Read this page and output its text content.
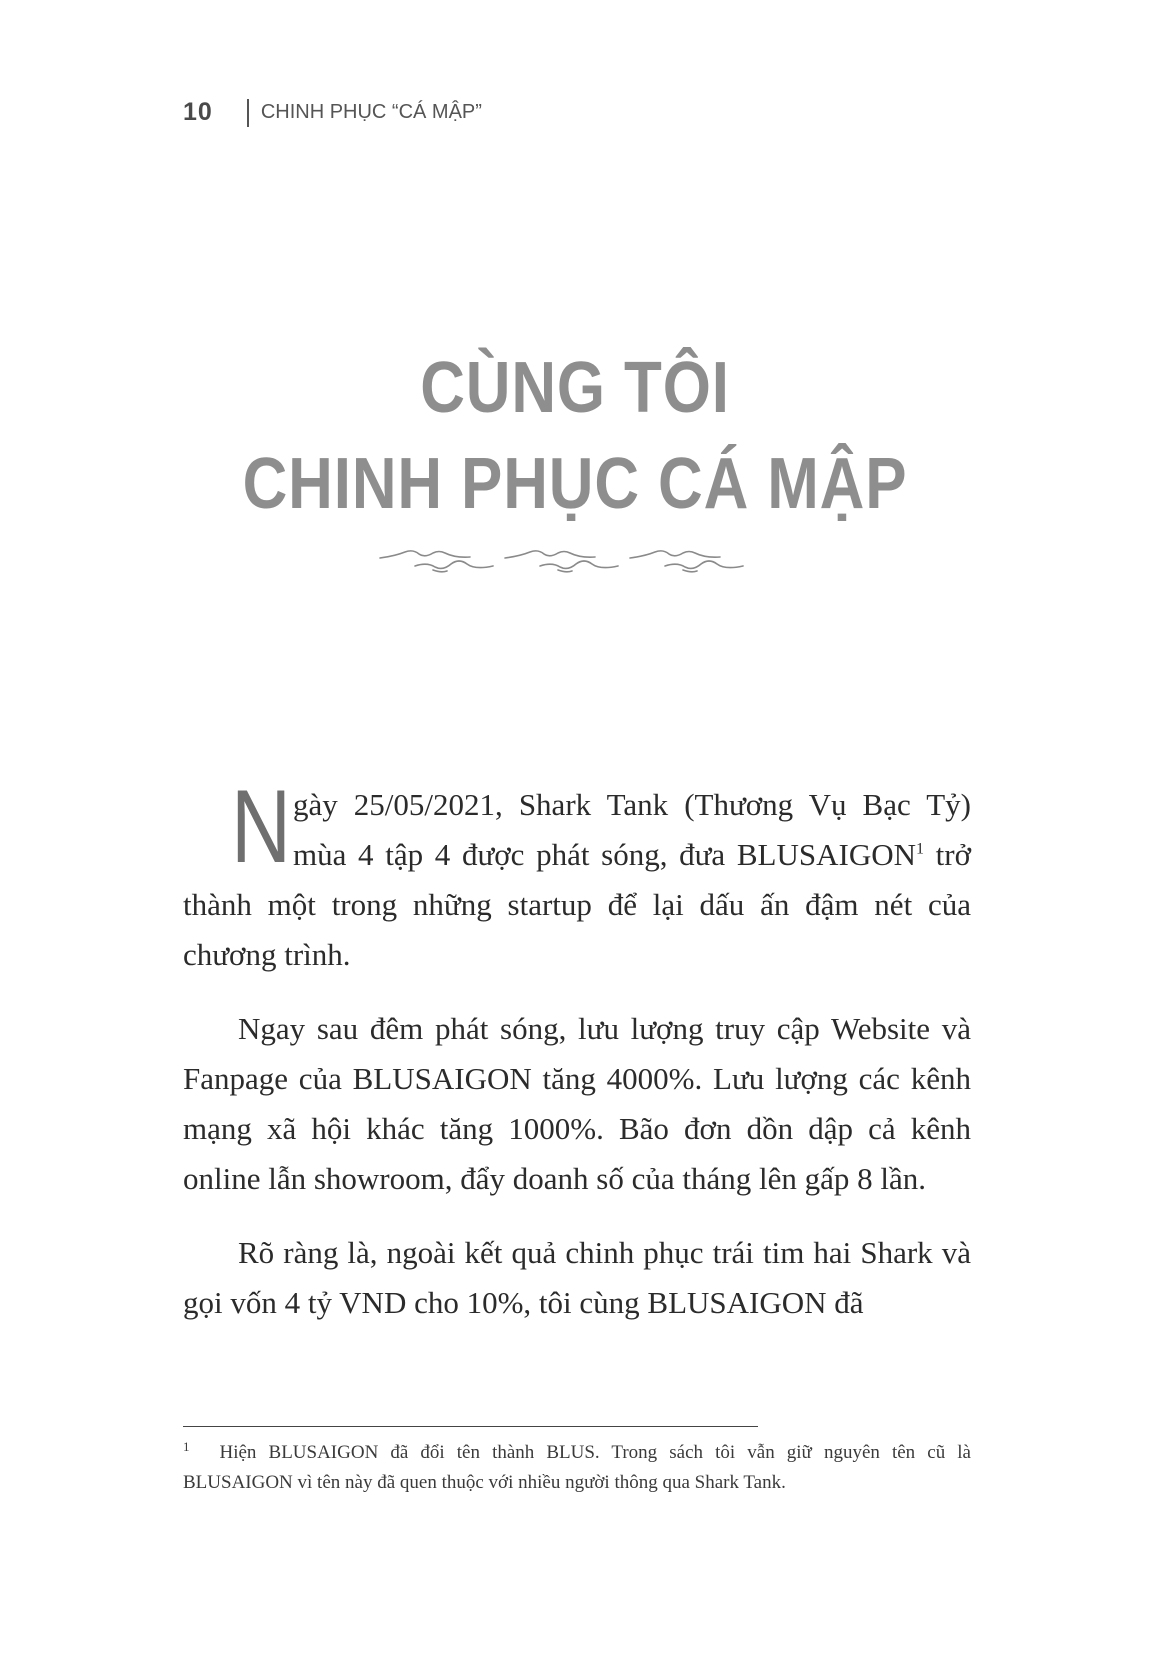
10 CHINH PHỤC “CÁ MẬP”
CÙNG TÔI
CHINH PHỤC CÁ MẬP

Ngày 25/05/2021, Shark Tank (Thương Vụ Bạc Tỷ) mùa 4 tập 4 được phát sóng, đưa BLUSAIGON$^1$ trở thành một trong những startup để lại dấu ấn đậm nét của chương trình.

Ngay sau đêm phát sóng, lưu lượng truy cập Website và Fanpage của BLUSAIGON tăng 4000%. Lưu lượng các kênh mạng xã hội khác tăng 1000%. Bão đơn dồn dập cả kênh online lẫn showroom, đẩy doanh số của tháng lên gấp 8 lần.

Rõ ràng là, ngoài kết quả chinh phục trái tim hai Shark và gọi vốn 4 tỷ VND cho 10%, tôi cùng BLUSAIGON đã

$^1$ Hiện BLUSAIGON đã đổi tên thành BLUS. Trong sách tôi vẫn giữ nguyên tên cũ là BLUSAIGON vì tên này đã quen thuộc với nhiều người thông qua Shark Tank.
